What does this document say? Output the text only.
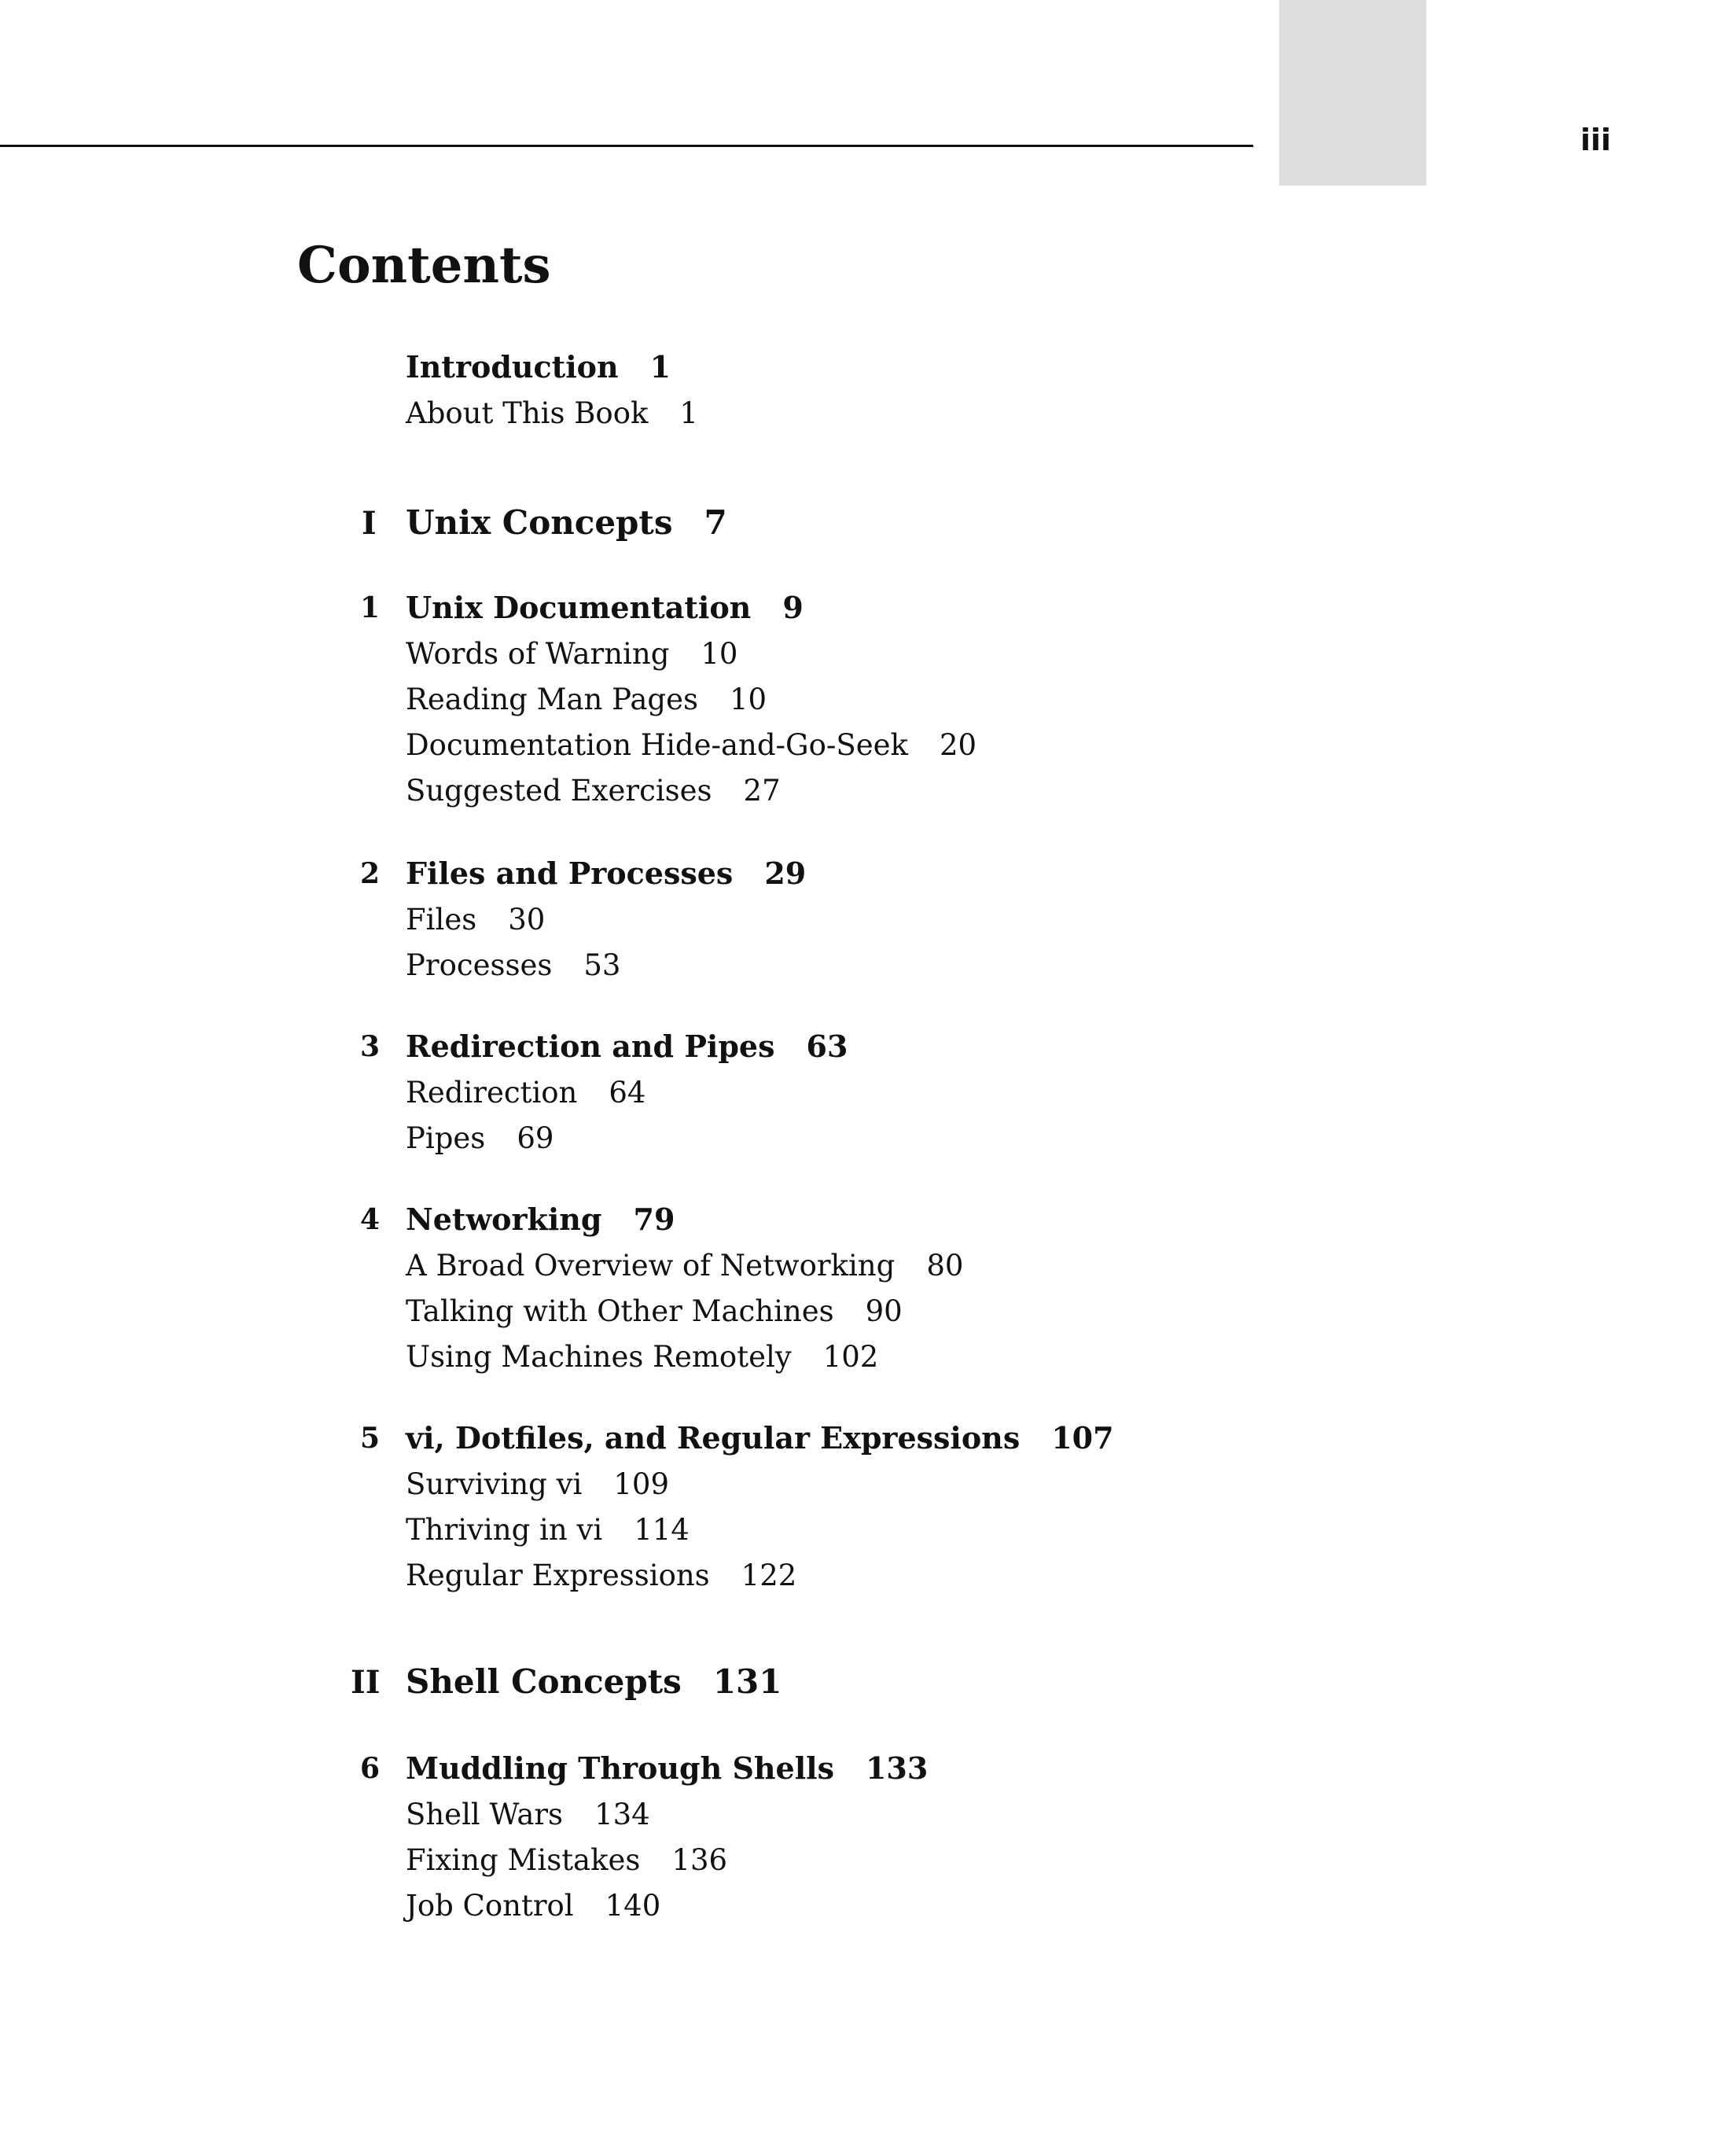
iii
Contents
Introduction 1
About This Book 1
I Unix Concepts 7
1 Unix Documentation 9
Words of Warning 10
Reading Man Pages 10
Documentation Hide-and-Go-Seek 20
Suggested Exercises 27
2 Files and Processes 29
Files 30
Processes 53
3 Redirection and Pipes 63
Redirection 64
Pipes 69
4 Networking 79
A Broad Overview of Networking 80
Talking with Other Machines 90
Using Machines Remotely 102
5 vi, Dotfiles, and Regular Expressions 107
Surviving vi 109
Thriving in vi 114
Regular Expressions 122
II Shell Concepts 131
6 Muddling Through Shells 133
Shell Wars 134
Fixing Mistakes 136
Job Control 140
